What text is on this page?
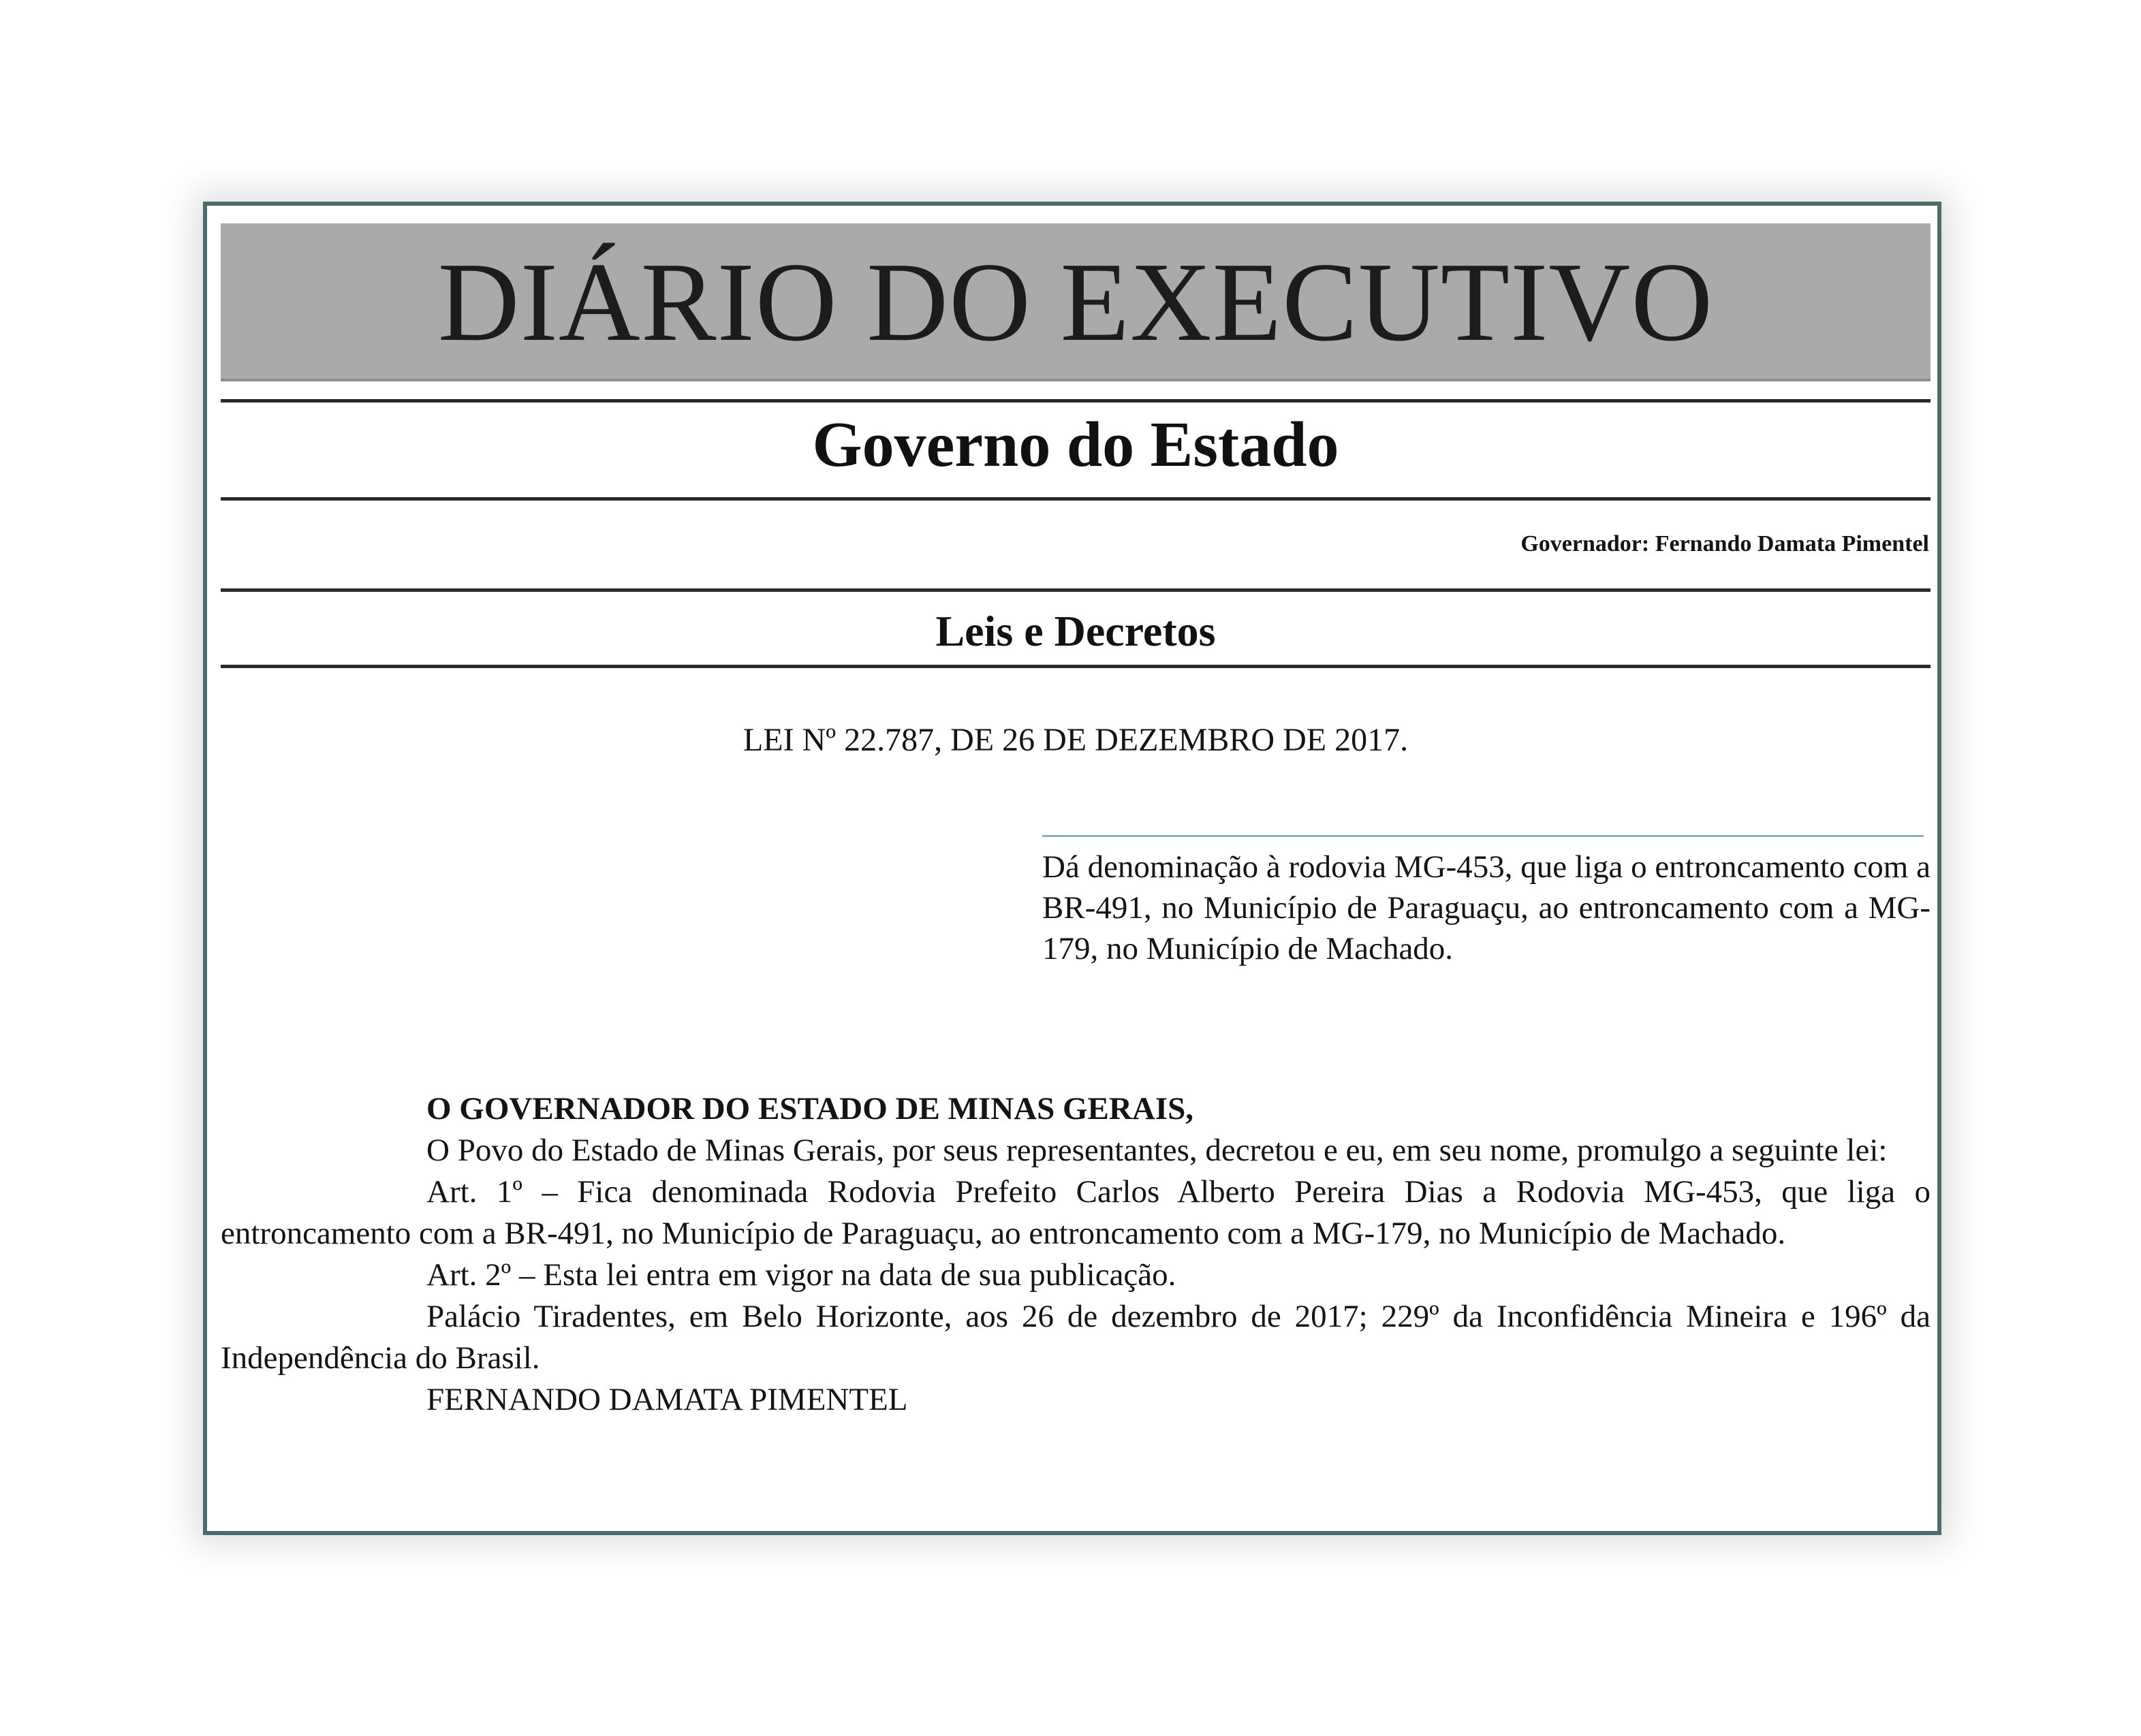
DIÁRIO DO EXECUTIVO
Governo do Estado
Governador: Fernando Damata Pimentel
Leis e Decretos
LEI Nº 22.787, DE 26 DE DEZEMBRO DE 2017.
Dá denominação à rodovia MG-453, que liga o entroncamento com a BR-491, no Município de Paraguaçu, ao entroncamento com a MG-179, no Município de Machado.

O GOVERNADOR DO ESTADO DE MINAS GERAIS,

O Povo do Estado de Minas Gerais, por seus representantes, decretou e eu, em seu nome, promulgo a seguinte lei:

Art. 1º – Fica denominada Rodovia Prefeito Carlos Alberto Pereira Dias a Rodovia MG-453, que liga o entroncamento com a BR-491, no Município de Paraguaçu, ao entroncamento com a MG-179, no Município de Machado.

Art. 2º – Esta lei entra em vigor na data de sua publicação.

Palácio Tiradentes, em Belo Horizonte, aos 26 de dezembro de 2017; 229º da Inconfidência Mineira e 196º da Independência do Brasil.

FERNANDO DAMATA PIMENTEL
